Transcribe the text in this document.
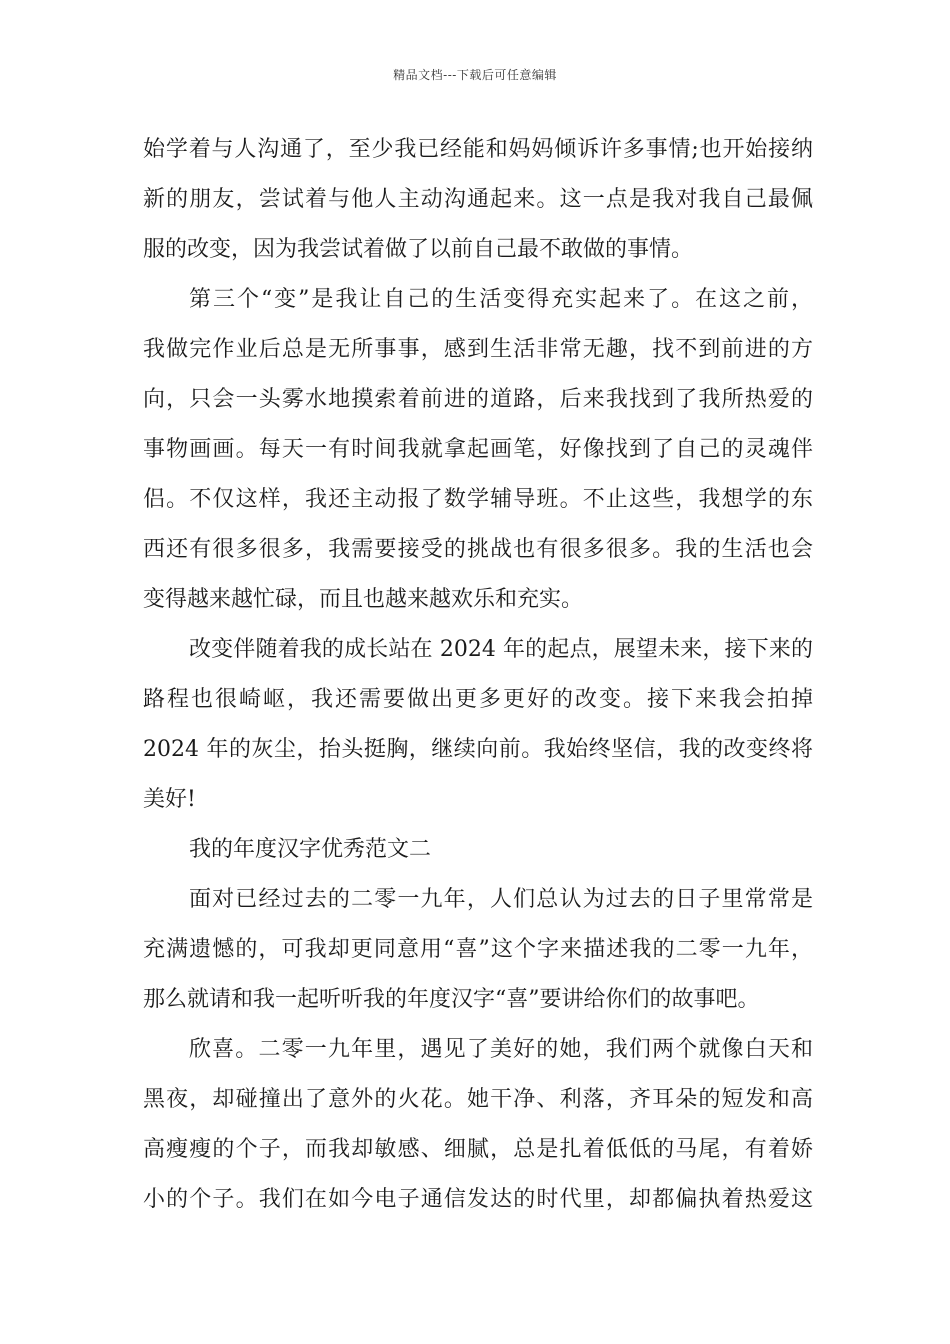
精品文档---下载后可任意编辑
始学着与人沟通了，至少我已经能和妈妈倾诉许多事情;也开始接纳
新的朋友，尝试着与他人主动沟通起来。这一点是我对我自己最佩
服的改变，因为我尝试着做了以前自己最不敢做的事情。
第三个“变”是我让自己的生活变得充实起来了。在这之前，
我做完作业后总是无所事事，感到生活非常无趣，找不到前进的方
向，只会一头雾水地摸索着前进的道路，后来我找到了我所热爱的
事物画画。每天一有时间我就拿起画笔，好像找到了自己的灵魂伴
侣。不仅这样，我还主动报了数学辅导班。不止这些，我想学的东
西还有很多很多，我需要接受的挑战也有很多很多。我的生活也会
变得越来越忙碌，而且也越来越欢乐和充实。
改变伴随着我的成长站在 2024 年的起点，展望未来，接下来的
路程也很崎岖，我还需要做出更多更好的改变。接下来我会拍掉
2024 年的灰尘，抬头挺胸，继续向前。我始终坚信，我的改变终将
美好!
我的年度汉字优秀范文二
面对已经过去的二零一九年，人们总认为过去的日子里常常是
充满遗憾的，可我却更同意用“喜”这个字来描述我的二零一九年，
那么就请和我一起听听我的年度汉字“喜”要讲给你们的故事吧。
欣喜。二零一九年里，遇见了美好的她，我们两个就像白天和
黑夜，却碰撞出了意外的火花。她干净、利落，齐耳朵的短发和高
高瘦瘦的个子，而我却敏感、细腻，总是扎着低低的马尾，有着娇
小的个子。我们在如今电子通信发达的时代里，却都偏执着热爱这
